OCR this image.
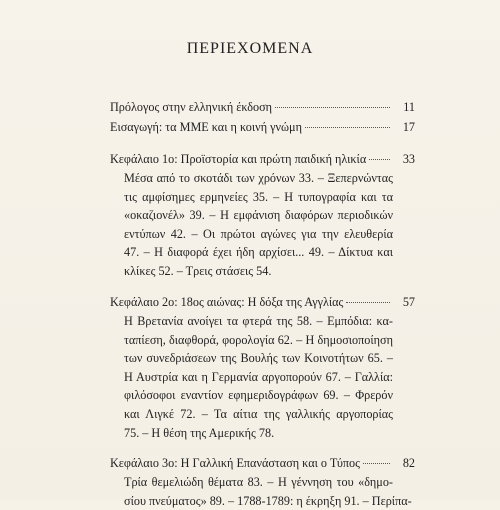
ΠΕΡΙΕΧΟΜΕΝΑ
Πρόλογος στην ελληνική έκδοση	11
Εισαγωγή: τα ΜΜΕ και η κοινή γνώμη	17
Κεφάλαιο 1ο: Προϊστορία και πρώτη παιδική ηλικία	33
Μέσα από το σκοτάδι των χρόνων 33. – Ξεπερνώντας
τις αμφίσημες ερμηνείες 35. – Η τυπογραφία και τα
«οκαζιονέλ» 39. – Η εμφάνιση διαφόρων περιοδικών
εντύπων 42. – Οι πρώτοι αγώνες για την ελευθερία
47. – Η διαφορά έχει ήδη αρχίσει... 49. – Δίκτυα και
κλίκες 52. – Τρεις στάσεις 54.
Κεφάλαιο 2ο: 18ος αιώνας: Η δόξα της Αγγλίας	57
Η Βρετανία ανοίγει τα φτερά της 58. – Εμπόδια: κα-
ταπίεση, διαφθορά, φορολογία 62. – Η δημοσιοποίηση
των συνεδριάσεων της Βουλής των Κοινοτήτων 65. –
Η Αυστρία και η Γερμανία αργοπορούν 67. – Γαλλία:
φιλόσοφοι εναντίον εφημεριδογράφων 69. – Φρερόν
και Λιγκέ 72. – Τα αίτια της γαλλικής αργοπορίας
75. – Η θέση της Αμερικής 78.
Κεφάλαιο 3ο: Η Γαλλική Επανάσταση και ο Τύπος	82
Τρία θεμελιώδη θέματα 83. – Η γέννηση του «δημο-
σίου πνεύματος» 89. – 1788-1789: η έκρηξη 91. – Περίπα-
